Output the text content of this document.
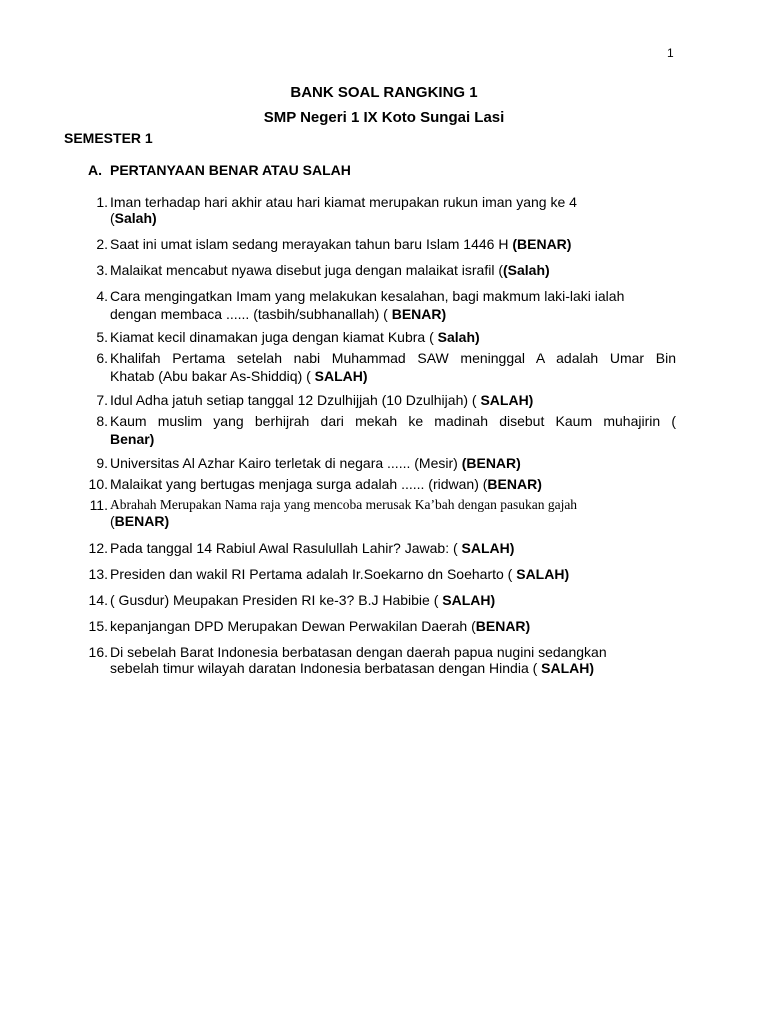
1
BANK SOAL RANGKING 1
SMP Negeri 1 IX Koto Sungai Lasi
SEMESTER 1
A. PERTANYAAN BENAR ATAU SALAH
1. Iman terhadap hari akhir atau hari kiamat merupakan rukun iman yang ke 4
(Salah)
2. Saat ini umat islam sedang merayakan tahun baru Islam 1446 H (BENAR)
3. Malaikat mencabut nyawa disebut juga dengan malaikat israfil ((Salah)
4. Cara mengingatkan Imam yang melakukan kesalahan, bagi makmum laki-laki ialah
dengan membaca ...... (tasbih/subhanallah) ( BENAR)
5. Kiamat kecil dinamakan juga dengan kiamat Kubra ( Salah)
6. Khalifah Pertama setelah nabi Muhammad SAW meninggal A adalah Umar Bin
Khatab (Abu bakar As-Shiddiq) ( SALAH)
7. Idul Adha jatuh setiap tanggal 12 Dzulhijjah (10 Dzulhijah) ( SALAH)
8. Kaum muslim yang berhijrah dari mekah ke madinah disebut Kaum muhajirin (
Benar)
9. Universitas Al Azhar Kairo terletak di negara ...... (Mesir) (BENAR)
10. Malaikat yang bertugas menjaga surga adalah ...... (ridwan) (BENAR)
11. Abrahah Merupakan Nama raja yang mencoba merusak Ka’bah dengan pasukan gajah
(BENAR)
12. Pada tanggal 14 Rabiul Awal Rasulullah Lahir? Jawab: ( SALAH)
13. Presiden dan wakil RI Pertama adalah Ir.Soekarno dn Soeharto ( SALAH)
14. ( Gusdur) Meupakan Presiden RI ke-3? B.J Habibie ( SALAH)
15. kepanjangan DPD Merupakan Dewan Perwakilan Daerah (BENAR)
16. Di sebelah Barat Indonesia berbatasan dengan daerah papua nugini sedangkan
sebelah timur wilayah daratan Indonesia berbatasan dengan Hindia ( SALAH)
